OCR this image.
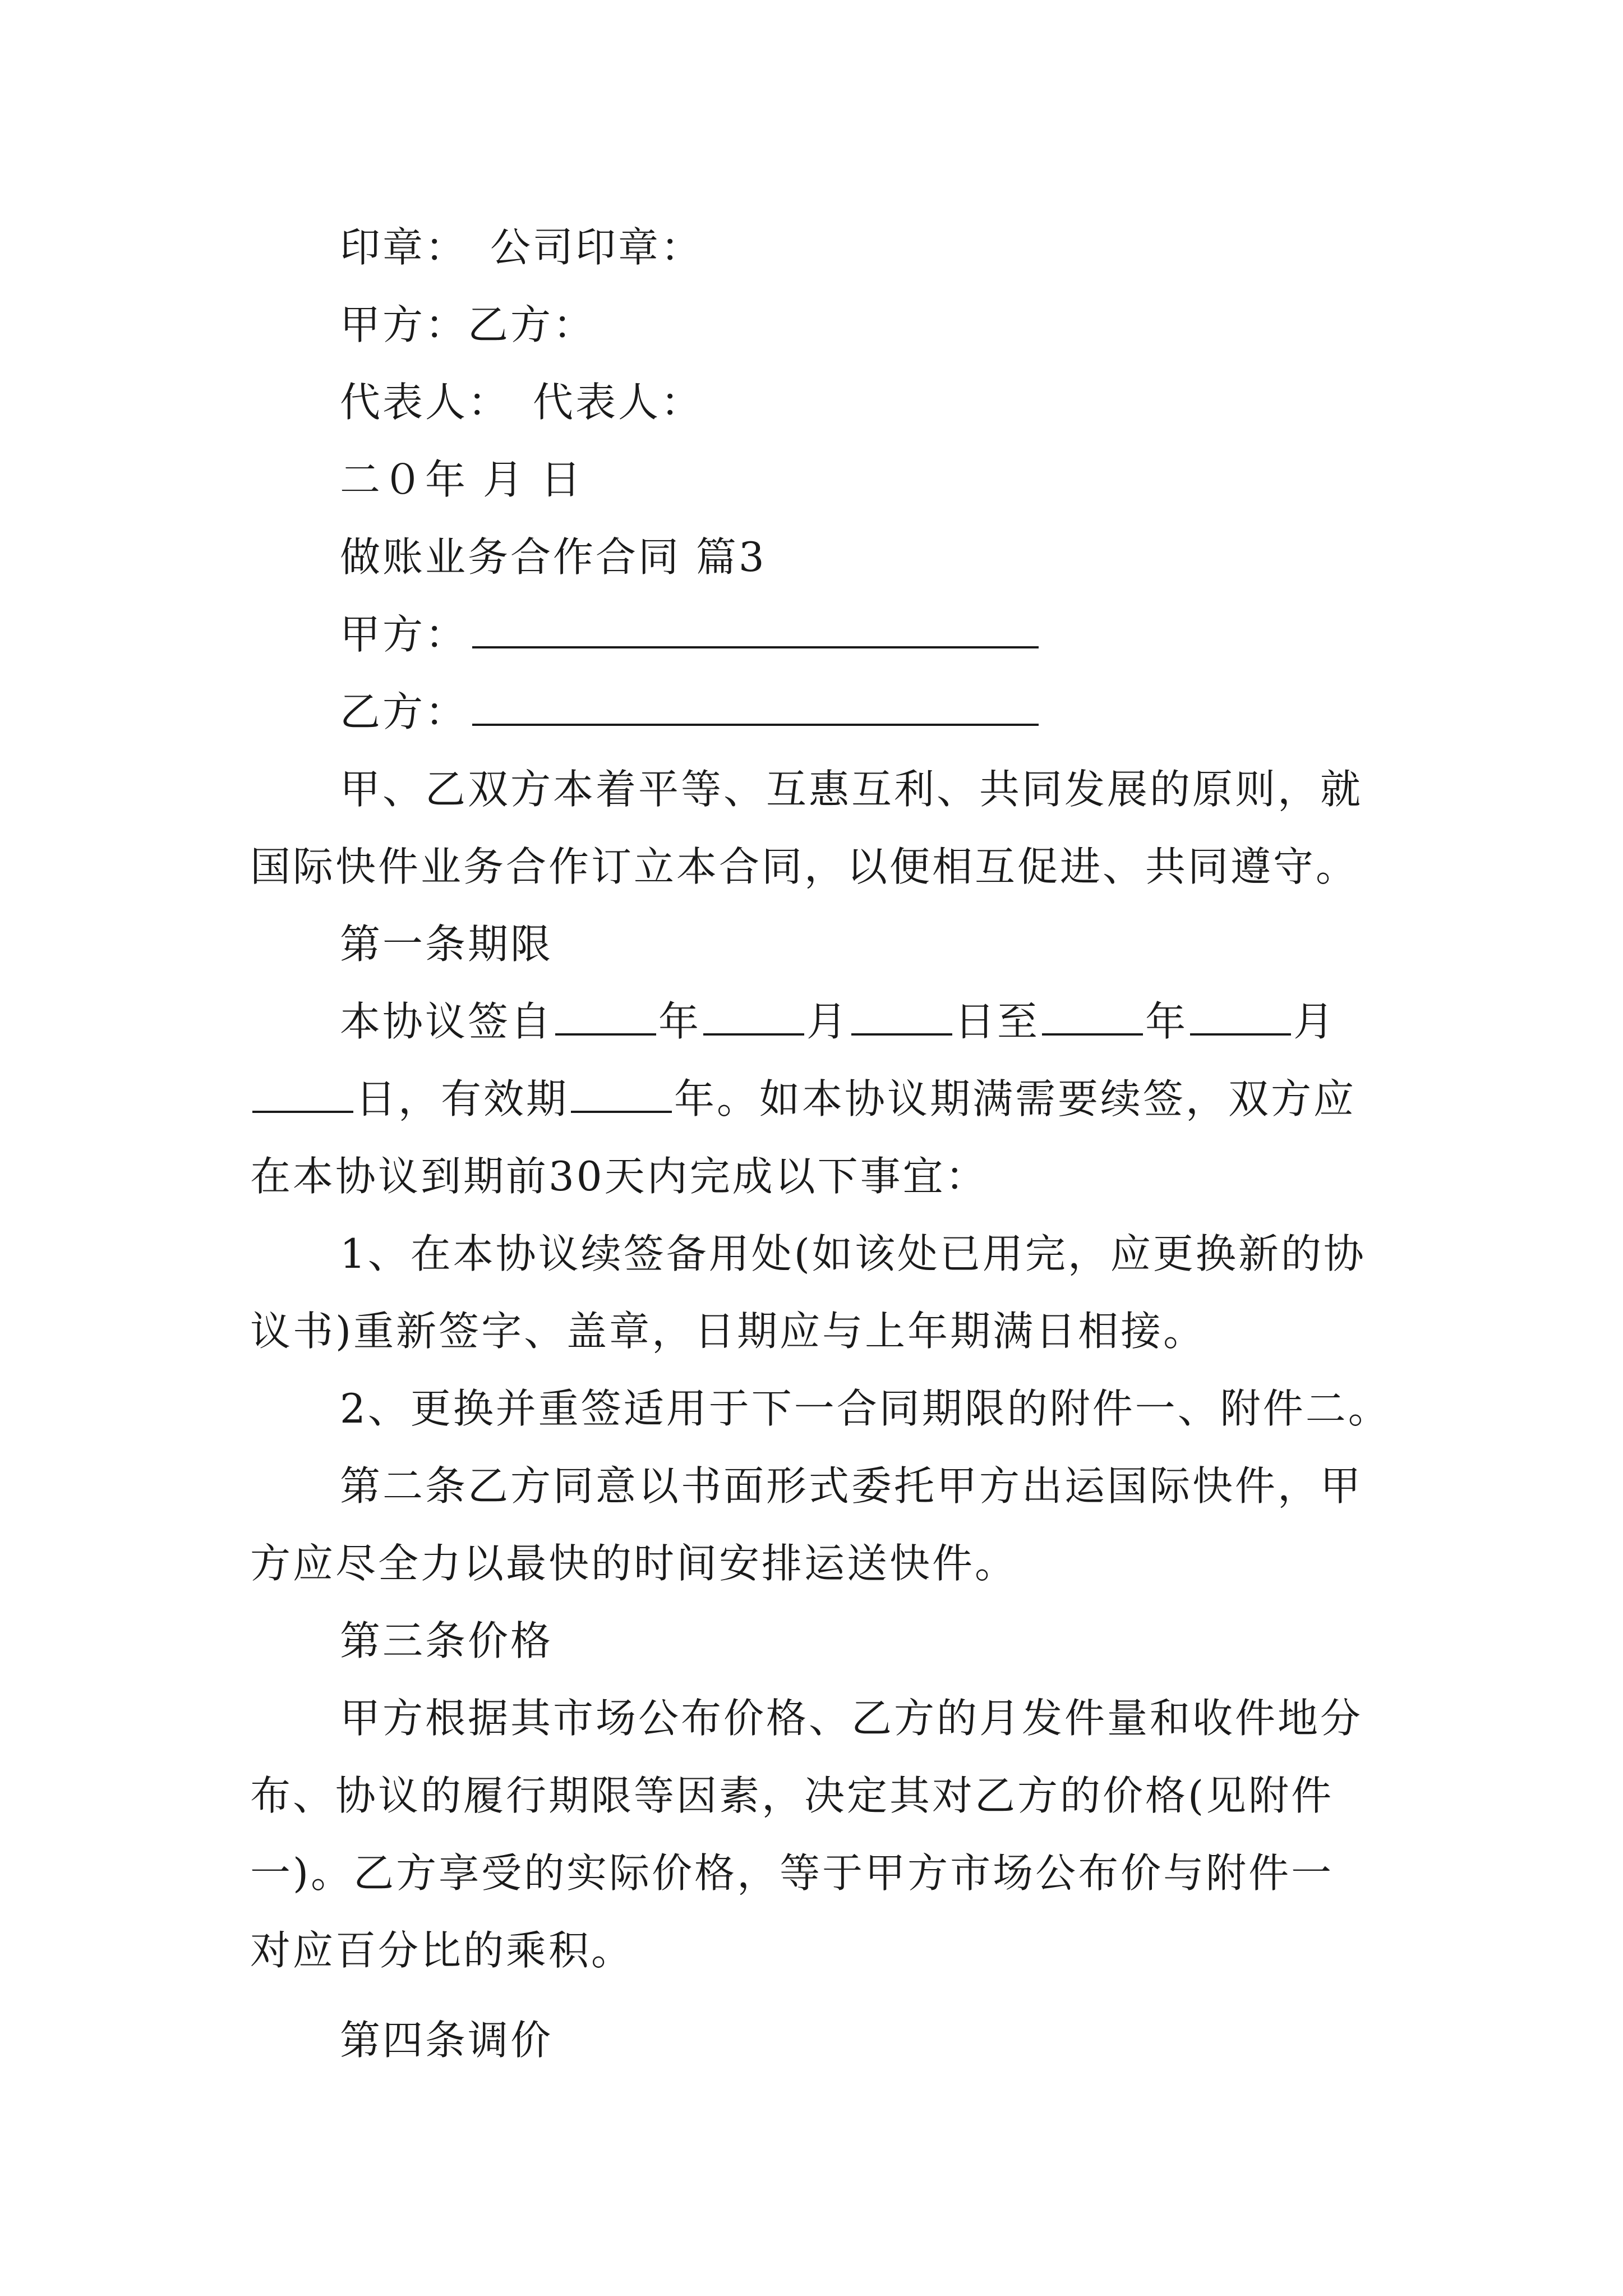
印章： 公司印章：
甲方：乙方：
代表人： 代表人：
二０年 月 日
做账业务合作合同 篇3
甲方：
乙方：
甲、乙双方本着平等、互惠互利、共同发展的原则，就
国际快件业务合作订立本合同，以便相互促进、共同遵守。
第一条期限
本协议签自	年	月	日至	年	月
日，有效期	年。如本协议期满需要续签，双方应
在本协议到期前30天内完成以下事宜：
1、在本协议续签备用处(如该处已用完，应更换新的协
议书)重新签字、盖章，日期应与上年期满日相接。
2、更换并重签适用于下一合同期限的附件一、附件二。
第二条乙方同意以书面形式委托甲方出运国际快件，甲
方应尽全力以最快的时间安排运送快件。
第三条价格
甲方根据其市场公布价格、乙方的月发件量和收件地分
布、协议的履行期限等因素，决定其对乙方的价格(见附件
一)。乙方享受的实际价格，等于甲方市场公布价与附件一
对应百分比的乘积。
第四条调价
